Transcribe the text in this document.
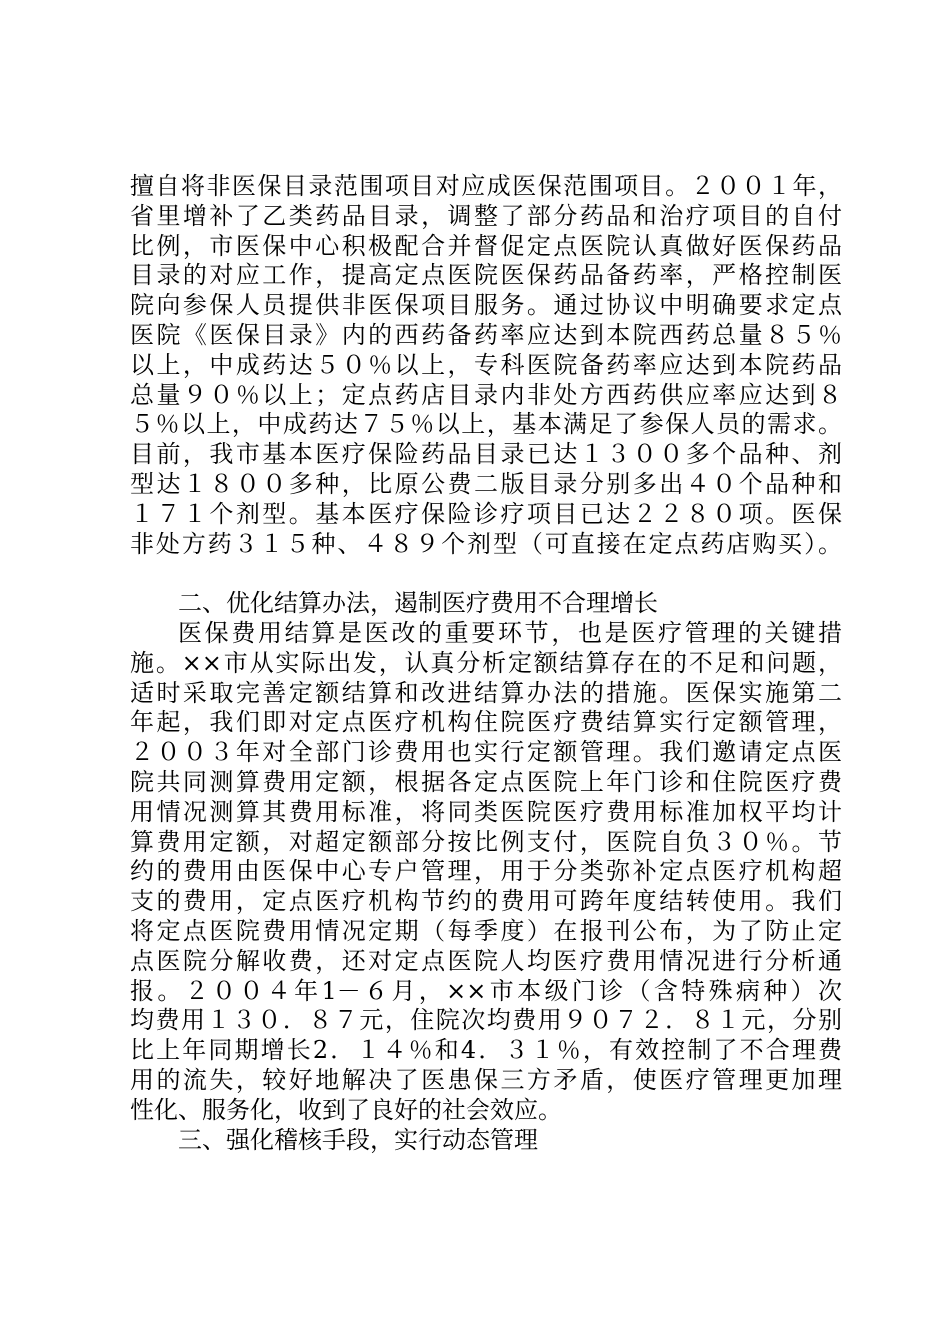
擅自将非医保目录范围项目对应成医保范围项目。２００１年，
省里增补了乙类药品目录，调整了部分药品和治疗项目的自付
比例，市医保中心积极配合并督促定点医院认真做好医保药品
目录的对应工作，提高定点医院医保药品备药率，严格控制医
院向参保人员提供非医保项目服务。通过协议中明确要求定点
医院《医保目录》内的西药备药率应达到本院西药总量８５％
以上，中成药达５０％以上，专科医院备药率应达到本院药品
总量９０％以上；定点药店目录内非处方西药供应率应达到８
５％以上，中成药达７５％以上，基本满足了参保人员的需求。
目前，我市基本医疗保险药品目录已达１３００多个品种、剂
型达１８００多种，比原公费二版目录分别多出４０个品种和
１７１个剂型。基本医疗保险诊疗项目已达２２８０项。医保
非处方药３１５种、４８９个剂型（可直接在定点药店购买）。
二、优化结算办法，遏制医疗费用不合理增长
医保费用结算是医改的重要环节，也是医疗管理的关键措
施。××市从实际出发，认真分析定额结算存在的不足和问题，
适时采取完善定额结算和改进结算办法的措施。医保实施第二
年起，我们即对定点医疗机构住院医疗费结算实行定额管理，
２００３年对全部门诊费用也实行定额管理。我们邀请定点医
院共同测算费用定额，根据各定点医院上年门诊和住院医疗费
用情况测算其费用标准，将同类医院医疗费用标准加权平均计
算费用定额，对超定额部分按比例支付，医院自负３０％。节
约的费用由医保中心专户管理，用于分类弥补定点医疗机构超
支的费用，定点医疗机构节约的费用可跨年度结转使用。我们
将定点医院费用情况定期（每季度）在报刊公布，为了防止定
点医院分解收费，还对定点医院人均医疗费用情况进行分析通
报。２００４年1－６月，××市本级门诊（含特殊病种）次
均费用１３０．８７元，住院次均费用９０７２．８１元，分别
比上年同期增长2．１４％和4．３１％，有效控制了不合理费
用的流失，较好地解决了医患保三方矛盾，使医疗管理更加理
性化、服务化，收到了良好的社会效应。
三、强化稽核手段，实行动态管理
